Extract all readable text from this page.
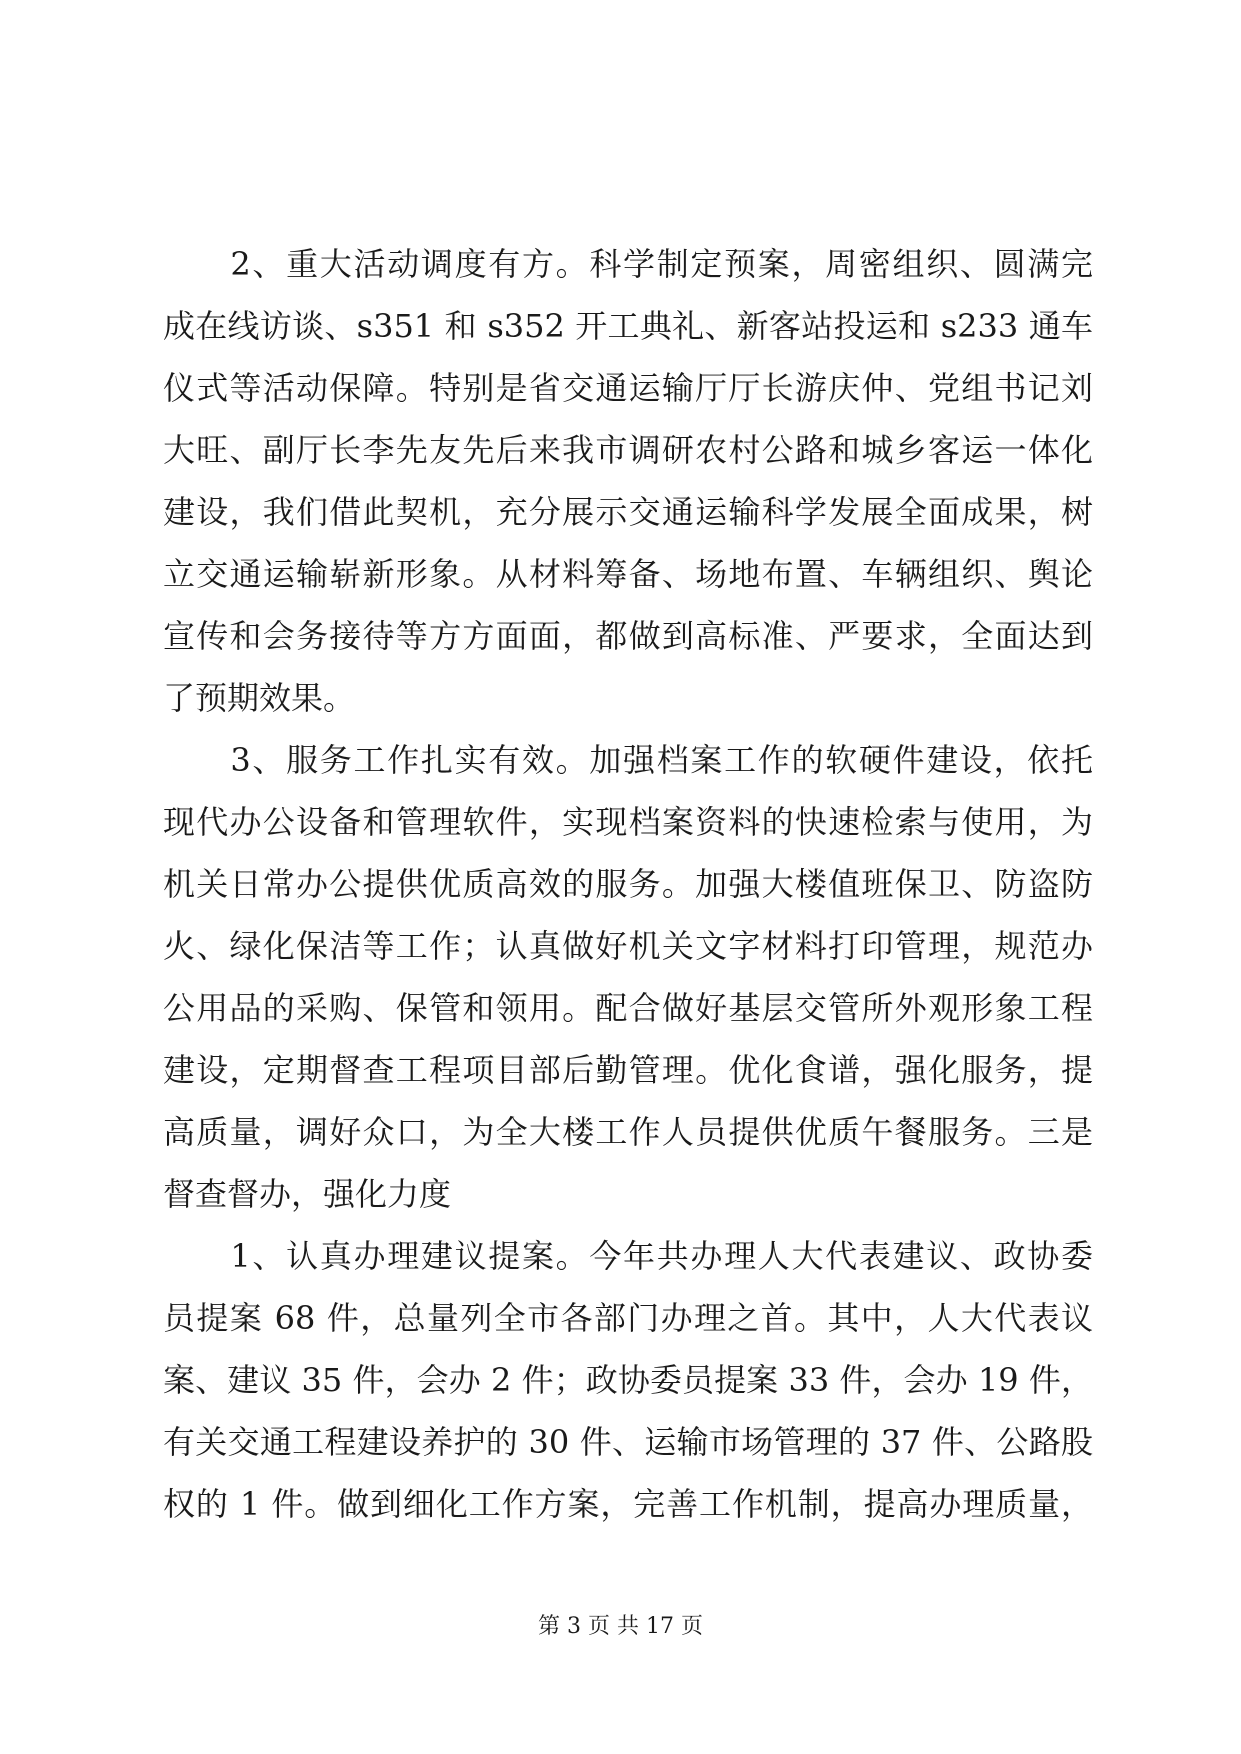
　　2、重大活动调度有方。科学制定预案，周密组织、圆满完
成在线访谈、s351 和 s352 开工典礼、新客站投运和 s233 通车
仪式等活动保障。特别是省交通运输厅厅长游庆仲、党组书记刘
大旺、副厅长李先友先后来我市调研农村公路和城乡客运一体化
建设，我们借此契机，充分展示交通运输科学发展全面成果，树
立交通运输崭新形象。从材料筹备、场地布置、车辆组织、舆论
宣传和会务接待等方方面面，都做到高标准、严要求，全面达到
了预期效果。
　　3、服务工作扎实有效。加强档案工作的软硬件建设，依托
现代办公设备和管理软件，实现档案资料的快速检索与使用，为
机关日常办公提供优质高效的服务。加强大楼值班保卫、防盗防
火、绿化保洁等工作；认真做好机关文字材料打印管理，规范办
公用品的采购、保管和领用。配合做好基层交管所外观形象工程
建设，定期督查工程项目部后勤管理。优化食谱，强化服务，提
高质量，调好众口，为全大楼工作人员提供优质午餐服务。三是
督查督办，强化力度
　　1、认真办理建议提案。今年共办理人大代表建议、政协委
员提案 68 件，总量列全市各部门办理之首。其中，人大代表议
案、建议 35 件，会办 2 件；政协委员提案 33 件，会办 19 件，
有关交通工程建设养护的 30 件、运输市场管理的 37 件、公路股
权的 1 件。做到细化工作方案，完善工作机制，提高办理质量，
第 3 页 共 17 页
